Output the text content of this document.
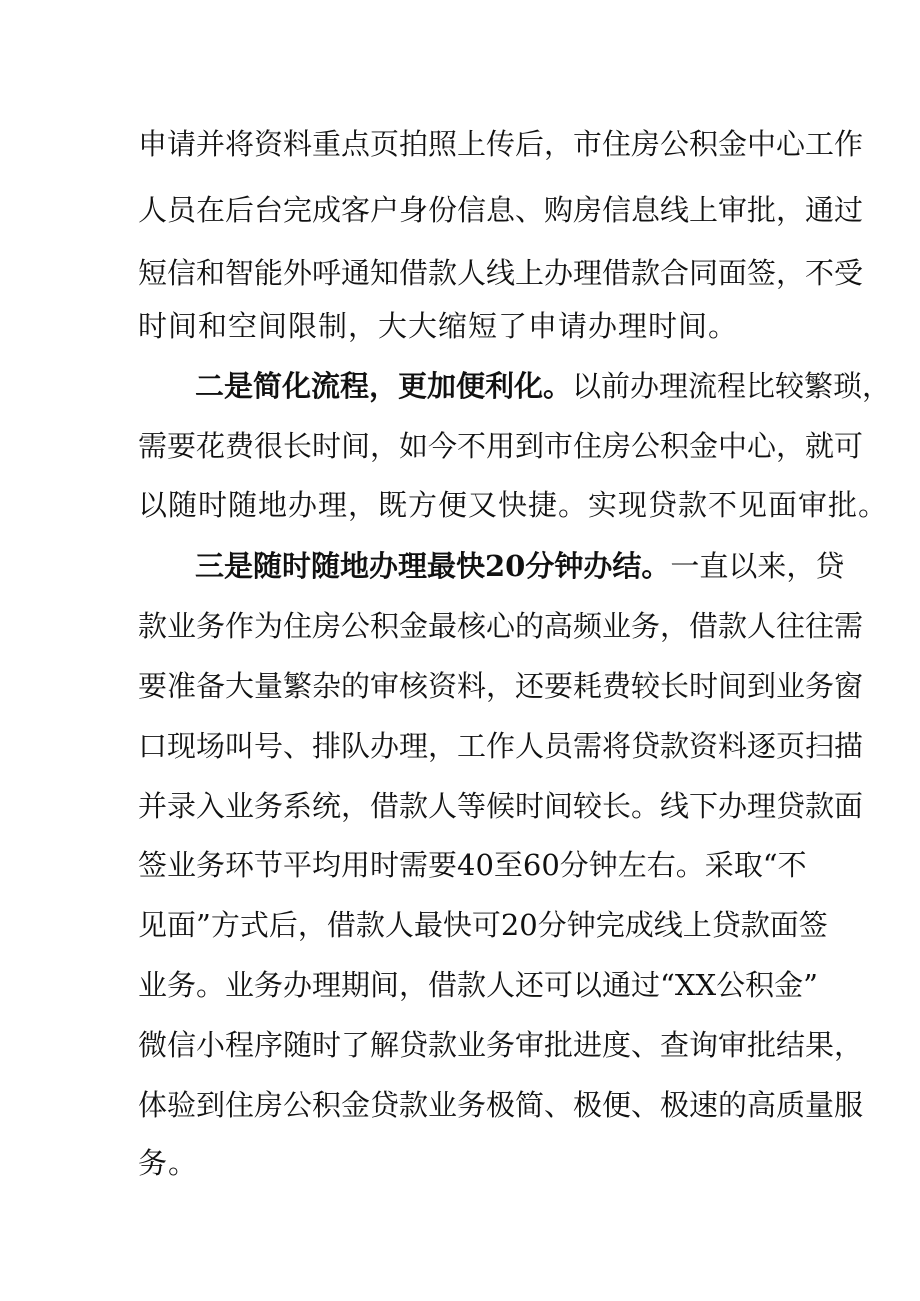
申请并将资料重点页拍照上传后，市住房公积金中心工作
人员在后台完成客户身份信息、购房信息线上审批，通过
短信和智能外呼通知借款人线上办理借款合同面签，不受
时间和空间限制，大大缩短了申请办理时间。
二是简化流程，更加便利化。以前办理流程比较繁琐，
需要花费很长时间，如今不用到市住房公积金中心，就可
以随时随地办理，既方便又快捷。实现贷款不见面审批。
三是随时随地办理最快20分钟办结。一直以来，贷
款业务作为住房公积金最核心的高频业务，借款人往往需
要准备大量繁杂的审核资料，还要耗费较长时间到业务窗
口现场叫号、排队办理，工作人员需将贷款资料逐页扫描
并录入业务系统，借款人等候时间较长。线下办理贷款面
签业务环节平均用时需要40至60分钟左右。采取“不
见面”方式后，借款人最快可20分钟完成线上贷款面签
业务。业务办理期间，借款人还可以通过“XX公积金”
微信小程序随时了解贷款业务审批进度、查询审批结果，
体验到住房公积金贷款业务极简、极便、极速的高质量服
务。
